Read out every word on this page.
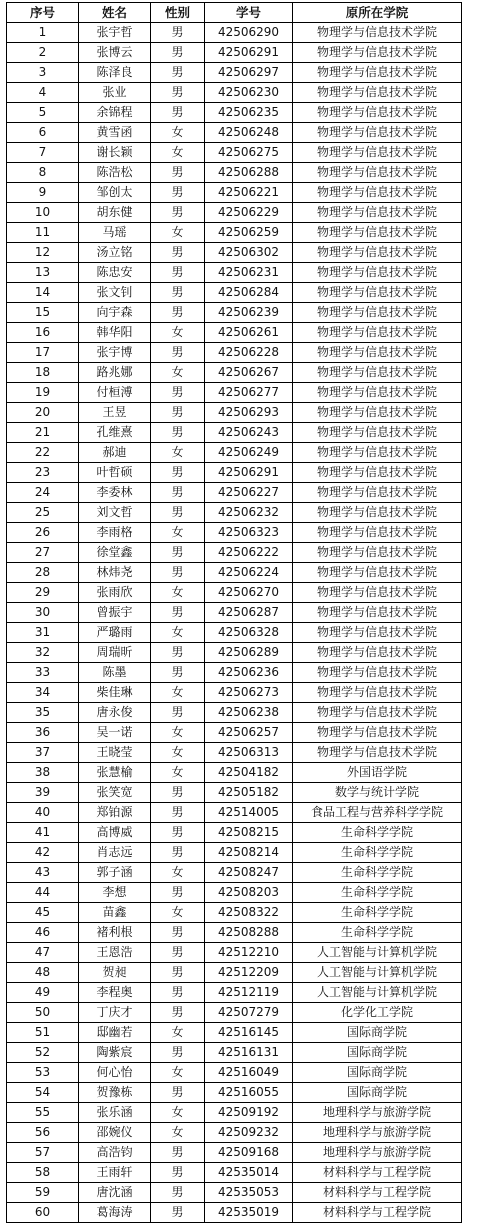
序号	姓名	性别	学号	原所在学院
1	张宇哲	男	42506290	物理学与信息技术学院
2	张博云	男	42506291	物理学与信息技术学院
3	陈泽良	男	42506297	物理学与信息技术学院
4	张业	男	42506230	物理学与信息技术学院
5	余锦程	男	42506235	物理学与信息技术学院
6	黄雪函	女	42506248	物理学与信息技术学院
7	谢长颖	女	42506275	物理学与信息技术学院
8	陈浩松	男	42506288	物理学与信息技术学院
9	邹创太	男	42506221	物理学与信息技术学院
10	胡东健	男	42506229	物理学与信息技术学院
11	马瑶	女	42506259	物理学与信息技术学院
12	汤立铭	男	42506302	物理学与信息技术学院
13	陈忠安	男	42506231	物理学与信息技术学院
14	张文钊	男	42506284	物理学与信息技术学院
15	向宇森	男	42506239	物理学与信息技术学院
16	韩华阳	女	42506261	物理学与信息技术学院
17	张宇博	男	42506228	物理学与信息技术学院
18	路兆娜	女	42506267	物理学与信息技术学院
19	付桓溥	男	42506277	物理学与信息技术学院
20	王昱	男	42506293	物理学与信息技术学院
21	孔维熹	男	42506243	物理学与信息技术学院
22	郝迪	女	42506249	物理学与信息技术学院
23	叶哲硕	男	42506291	物理学与信息技术学院
24	李委林	男	42506227	物理学与信息技术学院
25	刘文哲	男	42506232	物理学与信息技术学院
26	李雨格	女	42506323	物理学与信息技术学院
27	徐堂鑫	男	42506222	物理学与信息技术学院
28	林炜尧	男	42506224	物理学与信息技术学院
29	张雨欣	女	42506270	物理学与信息技术学院
30	曾振宇	男	42506287	物理学与信息技术学院
31	严璐雨	女	42506328	物理学与信息技术学院
32	周瑞昕	男	42506289	物理学与信息技术学院
33	陈墨	男	42506236	物理学与信息技术学院
34	柴佳琳	女	42506273	物理学与信息技术学院
35	唐永俊	男	42506238	物理学与信息技术学院
36	吴一诺	女	42506257	物理学与信息技术学院
37	王晓莹	女	42506313	物理学与信息技术学院
38	张慧榆	女	42504182	外国语学院
39	张笑宽	男	42505182	数学与统计学院
40	郑铂源	男	42514005	食品工程与营养科学学院
41	高博威	男	42508215	生命科学学院
42	肖志远	男	42508214	生命科学学院
43	郭子涵	女	42508247	生命科学学院
44	李想	男	42508203	生命科学学院
45	苗鑫	女	42508322	生命科学学院
46	褚利根	男	42508288	生命科学学院
47	王恩浩	男	42512210	人工智能与计算机学院
48	贺昶	男	42512209	人工智能与计算机学院
49	李程奥	男	42512119	人工智能与计算机学院
50	丁庆才	男	42507279	化学化工学院
51	邸幽若	女	42516145	国际商学院
52	陶紫宸	男	42516131	国际商学院
53	何心怡	女	42516049	国际商学院
54	贺豫栋	男	42516055	国际商学院
55	张乐涵	女	42509192	地理科学与旅游学院
56	邵婉仪	女	42509232	地理科学与旅游学院
57	高浩钧	男	42509168	地理科学与旅游学院
58	王雨轩	男	42535014	材料科学与工程学院
59	唐沈涵	男	42535053	材料科学与工程学院
60	葛海涛	男	42535019	材料科学与工程学院
